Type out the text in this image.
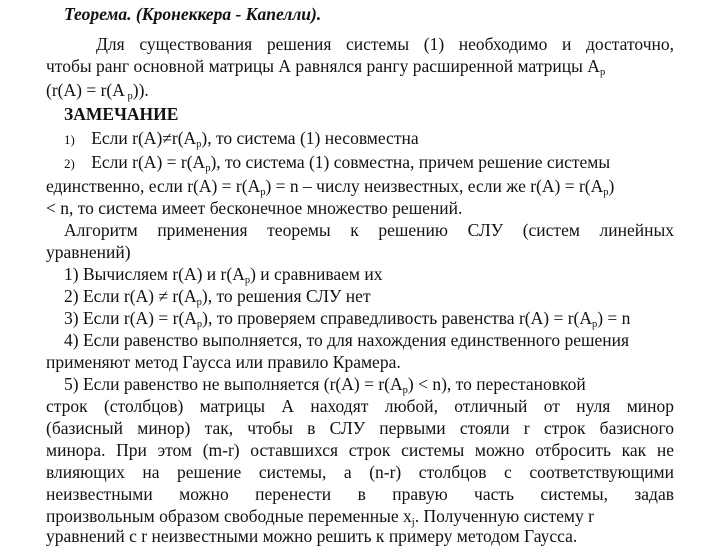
Теорема. (Кронеккера - Капелли).
Для существования решения системы (1) необходимо и достаточно,
чтобы ранг основной матрицы А равнялся рангу расширенной матрицы $А_р$
(r(A) = r(A $_p$)).
ЗАМЕЧАНИЕ
1) Если $r(A)\ne r(A_p)$, то система (1) несовместна
2) Если $r(A) = r(A_p)$, то система (1) совместна, причем решение системы
единственно, если $r(A) = r(A_p) = n$ – числу неизвестных, если же $r(A) = r(A_p)$
< n, то система имеет бесконечное множество решений.
Алгоритм применения теоремы к решению СЛУ (систем линейных
уравнений)
1) Вычисляем r(A) и $r(A_p)$ и сравниваем их
2) Если $r(A) \ne r(A_p)$, то решения СЛУ нет
3) Если $r(A) = r(A_p)$, то проверяем справедливость равенства $r(A) = r(A_p) = n$
4) Если равенство выполняется, то для нахождения единственного решения
применяют метод Гаусса или правило Крамера.
5) Если равенство не выполняется $(r(A) = r(A_p) < n)$, то перестановкой
строк (столбцов) матрицы А находят любой, отличный от нуля минор
(базисный минор) так, чтобы в СЛУ первыми стояли r строк базисного
минора. При этом (m-r) оставшихся строк системы можно отбросить как не
влияющих на решение системы, а (n-r) столбцов с соответствующими
неизвестными можно перенести в правую часть системы, задав
произвольным образом свободные переменные $x_j$. Полученную систему r
уравнений с r неизвестными можно решить к примеру методом Гаусса.
